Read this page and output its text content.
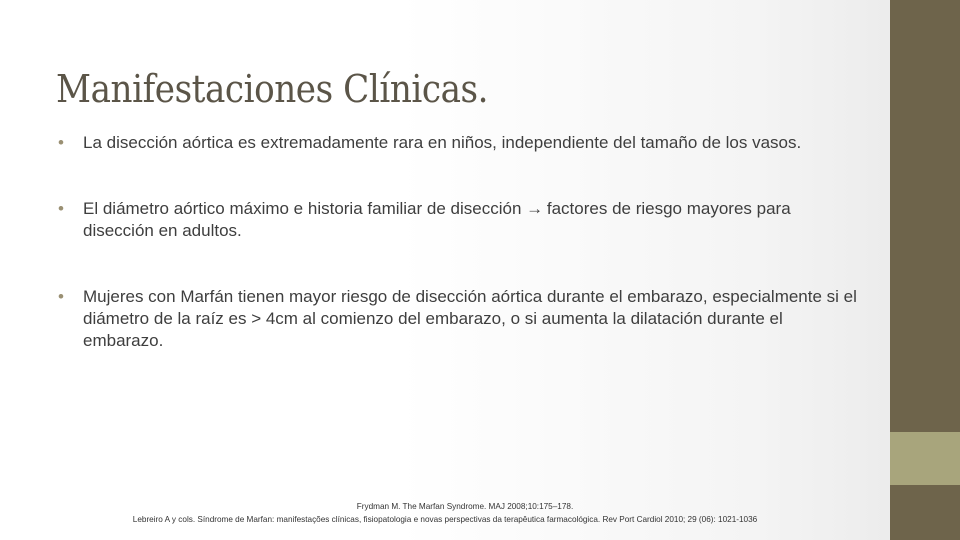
Manifestaciones Clínicas.
• La disección aórtica es extremadamente rara en niños, independiente del tamaño de los vasos.
• El diámetro aórtico máximo e historia familiar de disección → factores de riesgo mayores para disección en adultos.
• Mujeres con Marfán tienen mayor riesgo de disección aórtica durante el embarazo, especialmente si el diámetro de la raíz es > 4cm al comienzo del embarazo, o si aumenta la dilatación durante el embarazo.
Frydman M. The Marfan Syndrome. MAJ 2008;10:175–178.
Lebreiro A y cols. Síndrome de Marfan: manifestações clínicas, fisiopatologia e novas perspectivas da terapêutica farmacológica. Rev Port Cardiol 2010; 29 (06): 1021-1036
